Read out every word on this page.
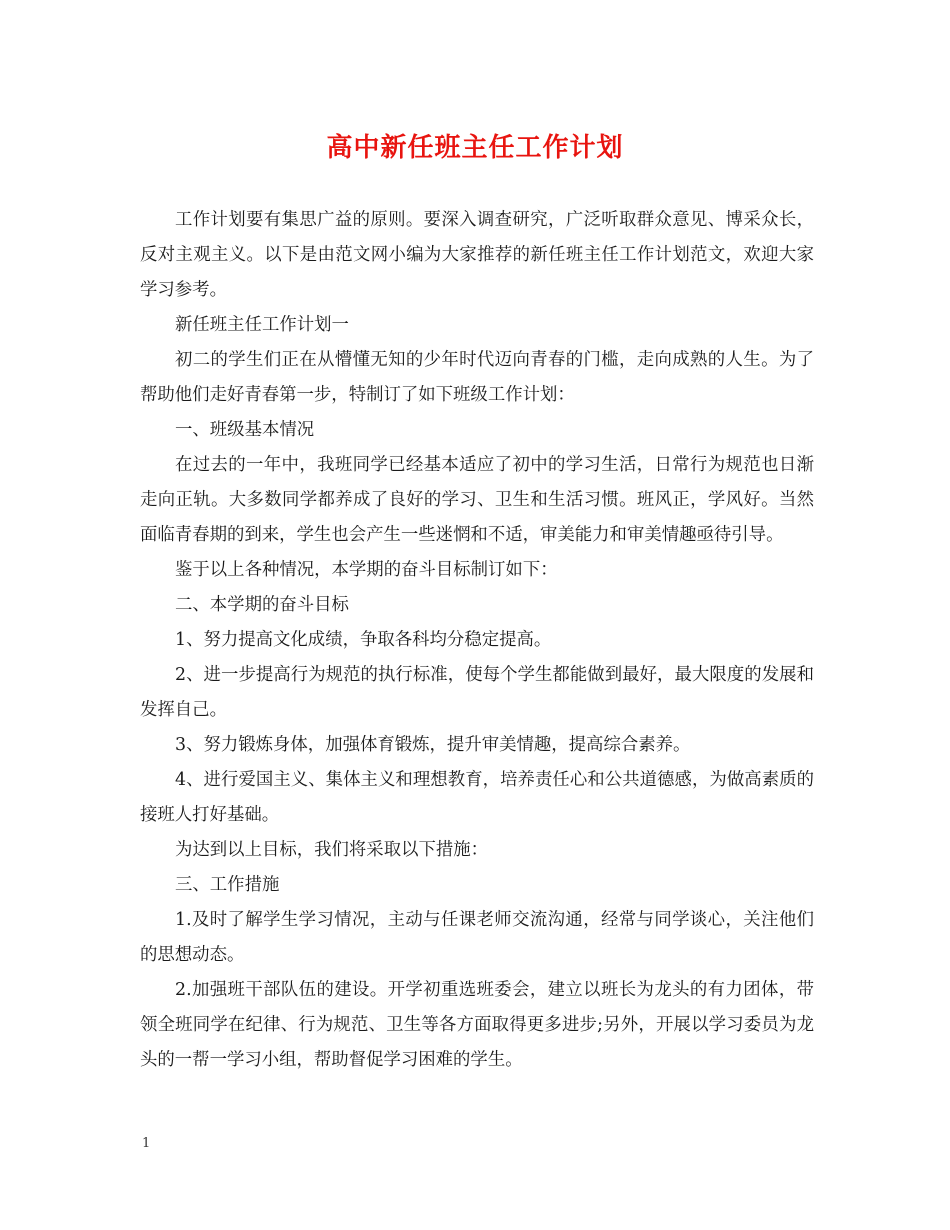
高中新任班主任工作计划

工作计划要有集思广益的原则。要深入调查研究，广泛听取群众意见、博采众长，反对主观主义。以下是由范文网小编为大家推荐的新任班主任工作计划范文，欢迎大家学习参考。

新任班主任工作计划一

初二的学生们正在从懵懂无知的少年时代迈向青春的门槛，走向成熟的人生。为了帮助他们走好青春第一步，特制订了如下班级工作计划：

一、班级基本情况

在过去的一年中，我班同学已经基本适应了初中的学习生活，日常行为规范也日渐走向正轨。大多数同学都养成了良好的学习、卫生和生活习惯。班风正，学风好。当然面临青春期的到来，学生也会产生一些迷惘和不适，审美能力和审美情趣亟待引导。

鉴于以上各种情况，本学期的奋斗目标制订如下：

二、本学期的奋斗目标

1、努力提高文化成绩，争取各科均分稳定提高。

2、进一步提高行为规范的执行标准，使每个学生都能做到最好，最大限度的发展和发挥自己。

3、努力锻炼身体，加强体育锻炼，提升审美情趣，提高综合素养。

4、进行爱国主义、集体主义和理想教育，培养责任心和公共道德感，为做高素质的接班人打好基础。

为达到以上目标，我们将采取以下措施：

三、工作措施

1.及时了解学生学习情况，主动与任课老师交流沟通，经常与同学谈心，关注他们的思想动态。

2.加强班干部队伍的建设。开学初重选班委会，建立以班长为龙头的有力团体，带领全班同学在纪律、行为规范、卫生等各方面取得更多进步;另外，开展以学习委员为龙头的一帮一学习小组，帮助督促学习困难的学生。

1
